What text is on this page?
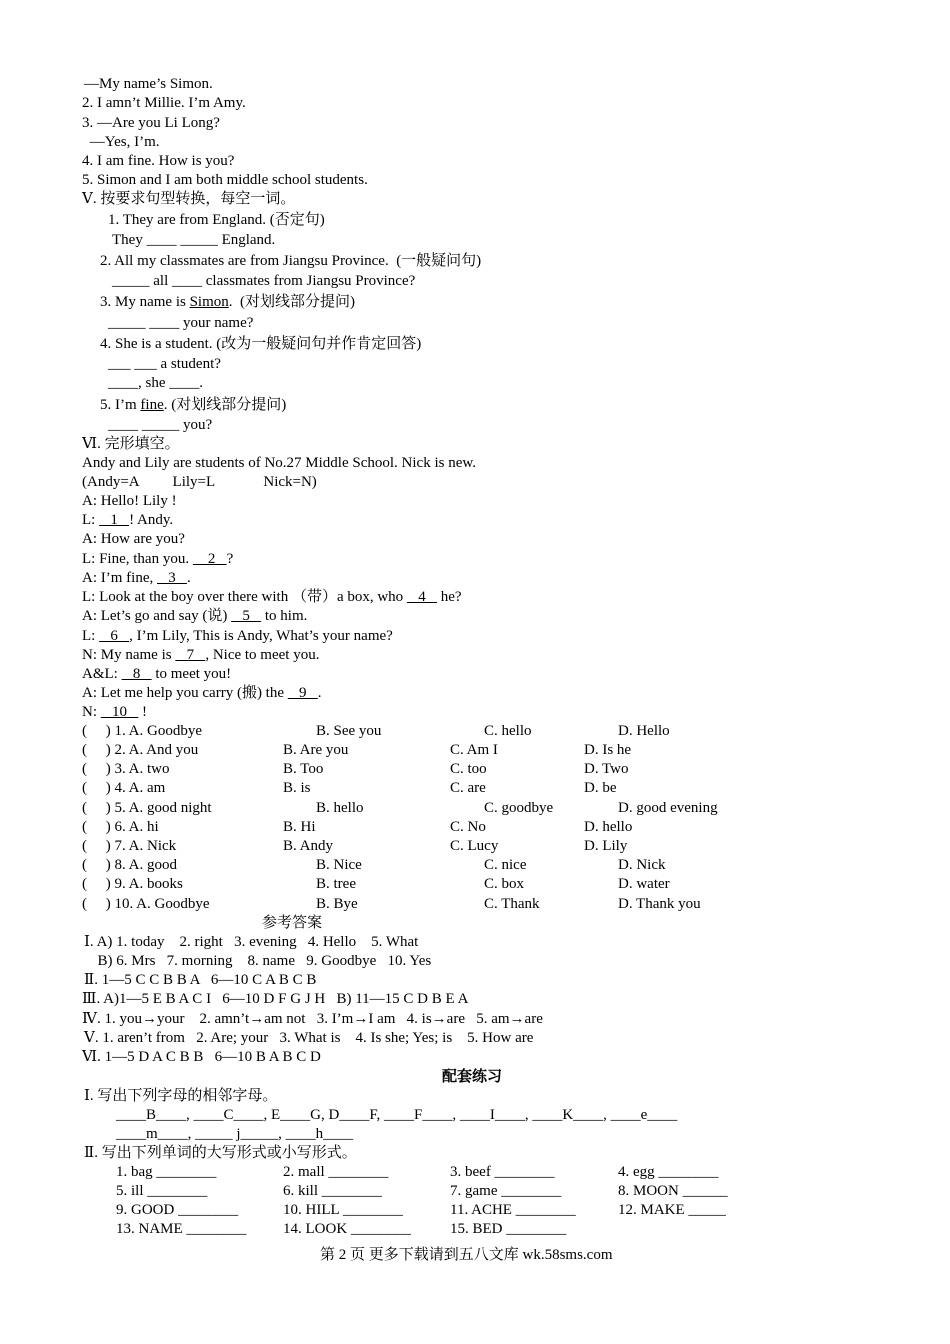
—My name’s Simon.
2. I amn’t Millie. I’m Amy.
3. —Are you Li Long?
—Yes, I’m.
4. I am fine. How is you?
5. Simon and I am both middle school students.
Ⅴ. 按要求句型转换，每空一词。
1. They are from England. (否定句)
They ____ _____ England.
2. All my classmates are from Jiangsu Province.  (一般疑问句)
_____ all ____ classmates from Jiangsu Province?
3. My name is Simon.  (对划线部分提问)
_____ ____ your name?
4. She is a student. (改为一般疑问句并作肯定回答)
___ ___ a student?
____, she ____.
5. I’m fine. (对划线部分提问)
____ _____ you?
Ⅵ. 完形填空。
Andy and Lily are students of No.27 Middle School. Nick is new.
(Andy=A         Lily=L             Nick=N)
A: Hello! Lily !
L:    1   ! Andy.
A: How are you?
L: Fine, than you.     2   ?
A: I’m fine,    3   .
L: Look at the boy over there with （带）a box, who    4    he?
A: Let’s go and say (说)    5    to him.
L:    6   , I’m Lily, This is Andy, What’s your name?
N: My name is    7   , Nice to meet you.
A&L:    8    to meet you!
A: Let me help you carry (搬) the    9   .
N:    10    !
(     ) 1. A. Goodbye	B. See you	C. hello	D. Hello
(     ) 2. A. And you	B. Are you	C. Am I	D. Is he
(     ) 3. A. two	B. Too	C. too	D. Two
(     ) 4. A. am	B. is	C. are	D. be
(     ) 5. A. good night	B. hello	C. goodbye	D. good evening
(     ) 6. A. hi	B. Hi	C. No	D. hello
(     ) 7. A. Nick	B. Andy	C. Lucy	D. Lily
(     ) 8. A. good	B. Nice	C. nice	D. Nick
(     ) 9. A. books	B. tree	C. box	D. water
(     ) 10. A. Goodbye	B. Bye	C. Thank	D. Thank you
参考答案
Ⅰ. A) 1. today    2. right   3. evening   4. Hello    5. What
B) 6. Mrs   7. morning    8. name   9. Goodbye   10. Yes
Ⅱ. 1—5 C C B B A   6—10 C A B C B
Ⅲ. A)1—5 E B A C I   6—10 D F G J H   B) 11—15 C D B E A
Ⅳ. 1. you→your    2. amn’t→am not   3. I’m→I am   4. is→are   5. am→are
Ⅴ. 1. aren’t from   2. Are; your   3. What is    4. Is she; Yes; is    5. How are
Ⅵ. 1—5 D A C B B   6—10 B A B C D
配套练习
Ⅰ. 写出下列字母的相邻字母。
____B____, ____C____, E____G, D____F, ____F____, ____I____, ____K____, ____e____
____m____, _____ j_____, ____h____
Ⅱ. 写出下列单词的大写形式或小写形式。
1. bag ________	2. mall ________	3. beef ________	4. egg ________
5. ill ________	6. kill ________	7. game ________	8. MOON ______
9. GOOD ________	10. HILL ________	11. ACHE ________	12. MAKE _____
13. NAME ________ 14. LOOK ________	15. BED ________
第 2 页 更多下载请到五八文库 wk.58sms.com
